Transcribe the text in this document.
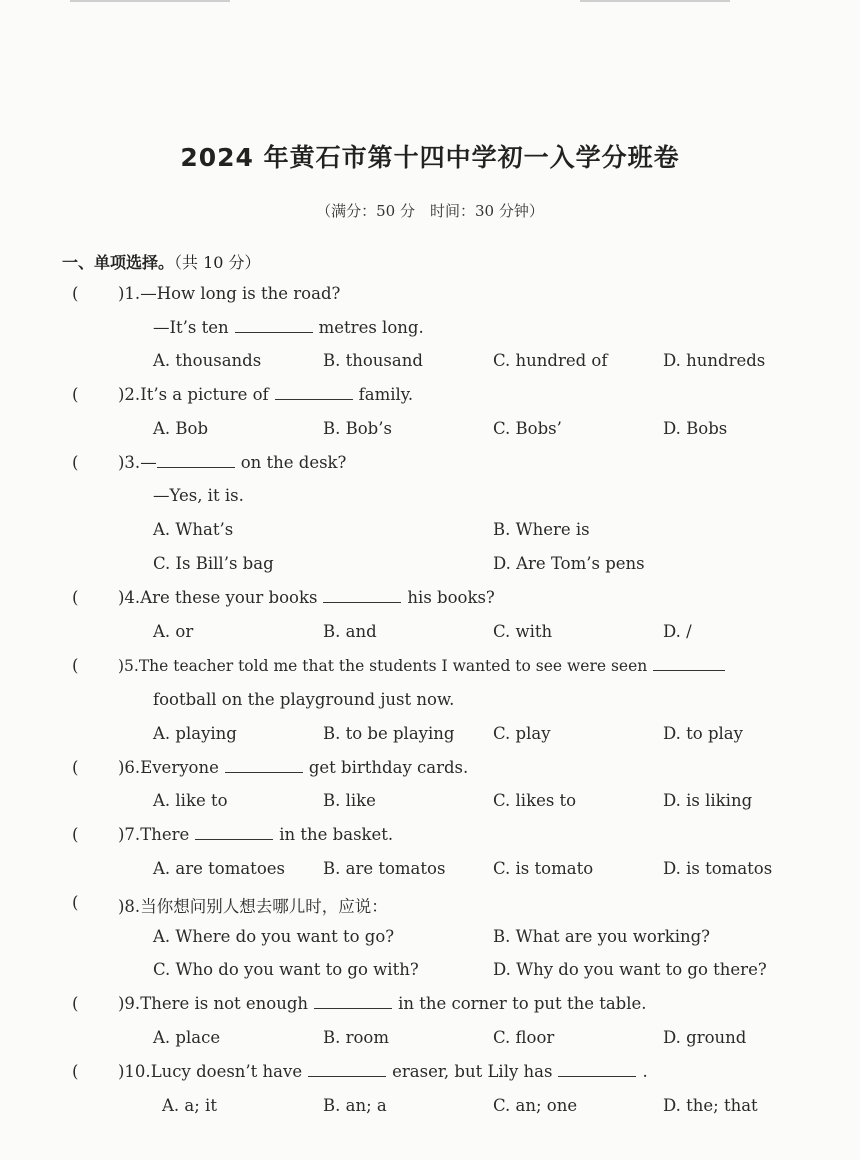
2024 年黄石市第十四中学初一入学分班卷
（满分：50 分　时间：30 分钟）
一、单项选择。（共 10 分）
( )1.—How long is the road?
—It’s ten	metres long.
A. thousands	B. thousand	C. hundred of	D. hundreds
( )2.It’s a picture of	family.
A. Bob	B. Bob’s	C. Bobs’	D. Bobs
( )3.—	on the desk?
—Yes, it is.
A. What’s	B. Where is
C. Is Bill’s bag	D. Are Tom’s pens
( )4.Are these your books	his books?
A. or	B. and	C. with	D. /
(	)5.The teacher told me that the students I wanted to see were seen
football on the playground just now.
A. playing	B. to be playing C. play	D. to play
( )6.Everyone	get birthday cards.
A. like to	B. like	C. likes to	D. is liking
( )7.There	in the basket.
A. are tomatoes B. are tomatos	C. is tomato	D. is tomatos
( )8.当你想问别人想去哪儿时，应说：
A. Where do you want to go?	B. What are you working?
C. Who do you want to go with?	D. Why do you want to go there?
( )9.There is not enough	in the corner to put the table.
A. place	B. room	C. floor	D. ground
( )10.Lucy doesn’t have	eraser, but Lily has	.
A. a; it	B. an; a	C. an; one	D. the; that
